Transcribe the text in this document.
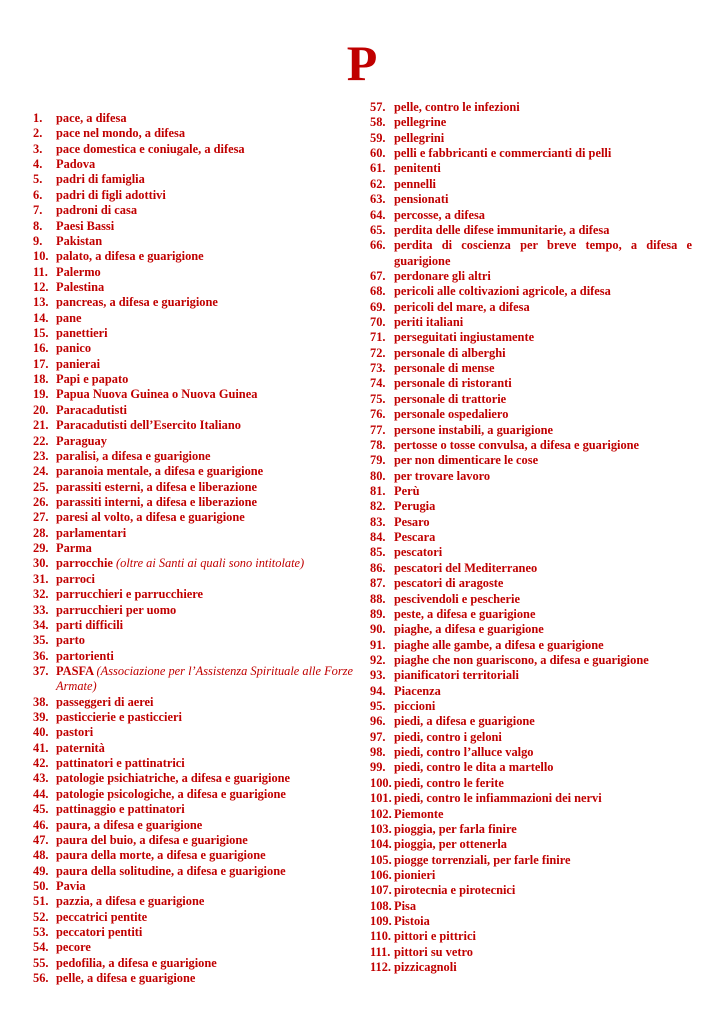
P
1.	pace, a difesa
2.	pace nel mondo, a difesa
3.	pace domestica e coniugale, a difesa
4.	Padova
5.	padri di famiglia
6.	padri di figli adottivi
7.	padroni di casa
8.	Paesi Bassi
9.	Pakistan
10. palato, a difesa e guarigione
11. Palermo
12. Palestina
13. pancreas, a difesa e guarigione
14. pane
15. panettieri
16. panico
17. panierai
18. Papi e papato
19. Papua Nuova Guinea o Nuova Guinea
20. Paracadutisti
21. Paracadutisti dell’Esercito Italiano
22. Paraguay
23. paralisi, a difesa e guarigione
24. paranoia mentale, a difesa e guarigione
25. parassiti esterni, a difesa e liberazione
26. parassiti interni, a difesa e liberazione
27. paresi al volto, a difesa e guarigione
28. parlamentari
29. Parma
30. parrocchie (oltre ai Santi ai quali sono intitolate)
31. parroci
32. parrucchieri e parrucchiere
33. parrucchieri per uomo
34. parti difficili
35. parto
36. partorienti
37. PASFA (Associazione per l’Assistenza Spirituale alle Forze Armate)
38. passeggeri di aerei
39. pasticcierie e pasticcieri
40. pastori
41. paternità
42. pattinatori e pattinatrici
43. patologie psichiatriche, a difesa e guarigione
44. patologie psicologiche, a difesa e guarigione
45. pattinaggio e pattinatori
46. paura, a difesa e guarigione
47. paura del buio, a difesa e guarigione
48. paura della morte, a difesa e guarigione
49. paura della solitudine, a difesa e guarigione
50. Pavia
51. pazzia, a difesa e guarigione
52. peccatrici pentite
53. peccatori pentiti
54. pecore
55. pedofilia, a difesa e guarigione
56. pelle, a difesa e guarigione
57. pelle, contro le infezioni
58. pellegrine
59. pellegrini
60. pelli e fabbricanti e commercianti di pelli
61. penitenti
62. pennelli
63. pensionati
64. percosse, a difesa
65. perdita delle difese immunitarie, a difesa
66. perdita di coscienza per breve tempo, a difesa e guarigione
67. perdonare gli altri
68. pericoli alle coltivazioni agricole, a difesa
69. pericoli del mare, a difesa
70. periti italiani
71. perseguitati ingiustamente
72. personale di alberghi
73. personale di mense
74. personale di ristoranti
75. personale di trattorie
76. personale ospedaliero
77. persone instabili, a guarigione
78. pertosse o tosse convulsa, a difesa e guarigione
79. per non dimenticare le cose
80. per trovare lavoro
81. Perù
82. Perugia
83. Pesaro
84. Pescara
85. pescatori
86. pescatori del Mediterraneo
87. pescatori di aragoste
88. pescivendoli e pescherie
89. peste, a difesa e guarigione
90. piaghe, a difesa e guarigione
91. piaghe alle gambe, a difesa e guarigione
92. piaghe che non guariscono, a difesa e guarigione
93. pianificatori territoriali
94. Piacenza
95. piccioni
96. piedi, a difesa e guarigione
97. piedi, contro i geloni
98. piedi, contro l’alluce valgo
99. piedi, contro le dita a martello
100. piedi, contro le ferite
101. piedi, contro le infiammazioni dei nervi
102. Piemonte
103. pioggia, per farla finire
104. pioggia, per ottenerla
105. piogge torrenziali, per farle finire
106. pionieri
107. pirotecnia e pirotecnici
108. Pisa
109. Pistoia
110. pittori e pittrici
111. pittori su vetro
112. pizzicagnoli
